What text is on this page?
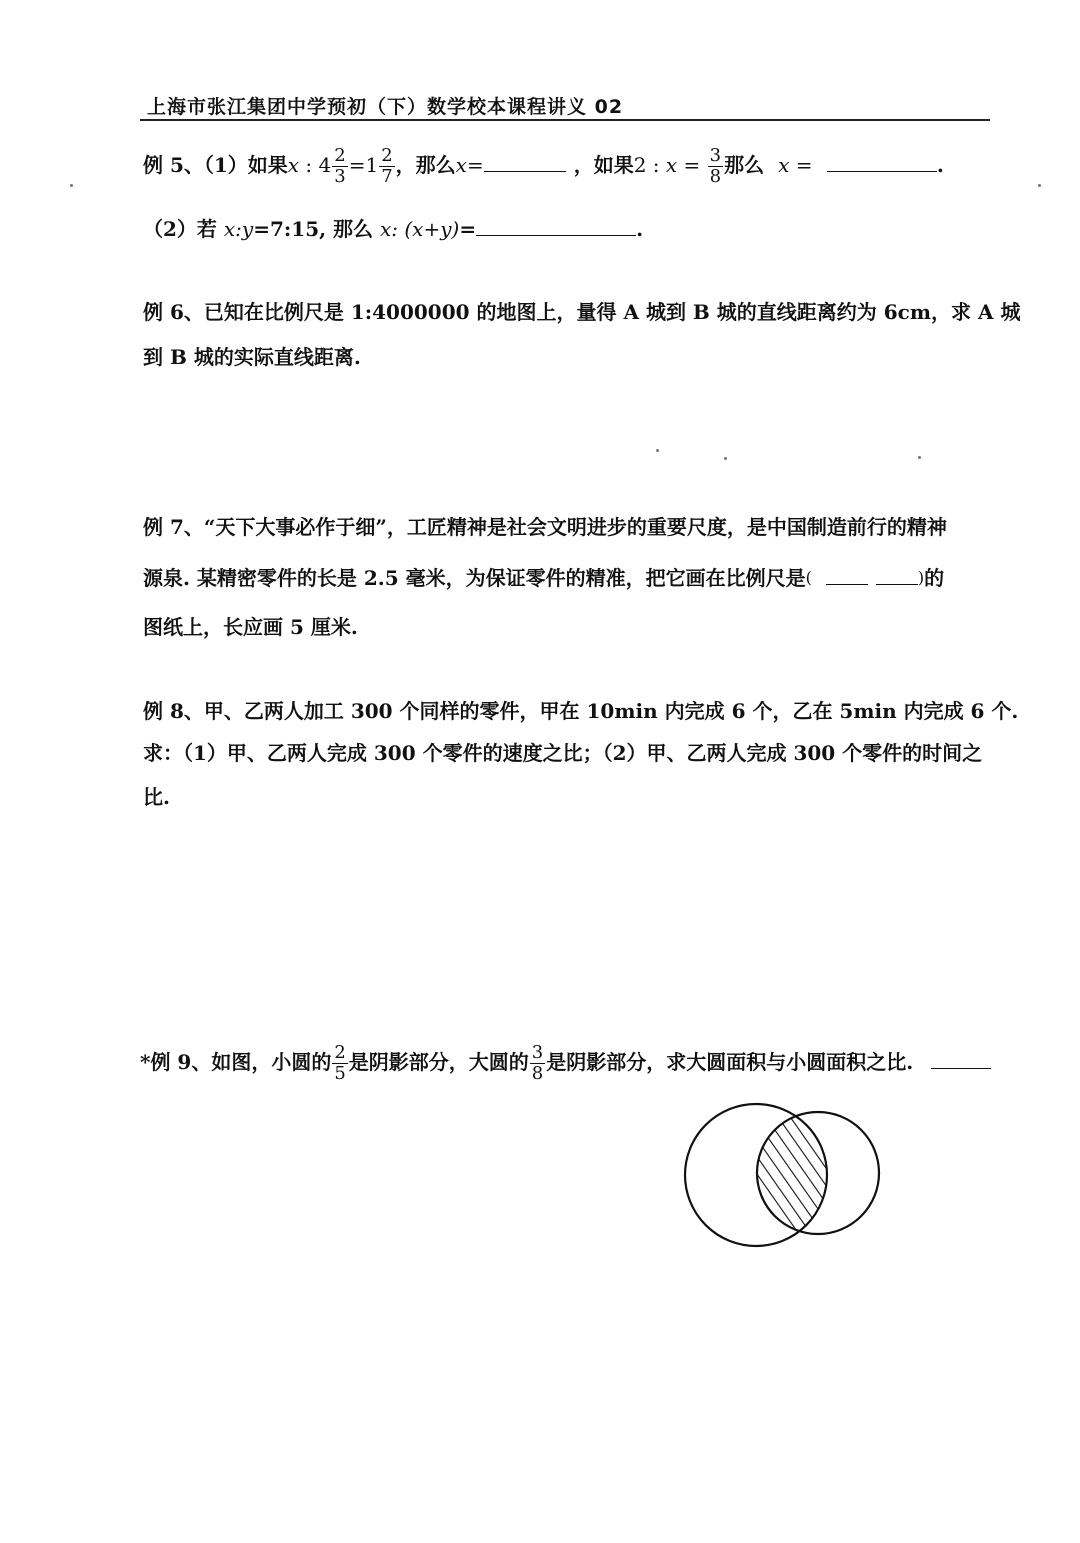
上海市张江集团中学预初（下）数学校本课程讲义 02
例 5、（1）如果x : $4 \frac{2}{3} =1 \frac{2}{7}$ ，那么x=	，如果2 : $x = \frac{3}{8}$ 那么 x =	.
（2）若 x:y=7:15, 那么 x: (x+y)=	.
例 6、已知在比例尺是 1:4000000 的地图上，量得 A 城到 B 城的直线距离约为 6cm，求 A 城
到 B 城的实际直线距离.
例 7、“天下大事必作于细”，工匠精神是社会文明进步的重要尺度，是中国制造前行的精神
源泉. 某精密零件的长是 2.5 毫米，为保证零件的精准，把它画在比例尺是(	)的
图纸上，长应画 5 厘米.
例 8、甲、乙两人加工 300 个同样的零件，甲在 10min 内完成 6 个，乙在 5min 内完成 6 个.
求：（1）甲、乙两人完成 300 个零件的速度之比；（2）甲、乙两人完成 300 个零件的时间之
比.
*例 9、如图，小圆的 $\frac{2}{5}$ 是阴影部分，大圆的 $\frac{3}{8}$ 是阴影部分，求大圆面积与小圆面积之比.
